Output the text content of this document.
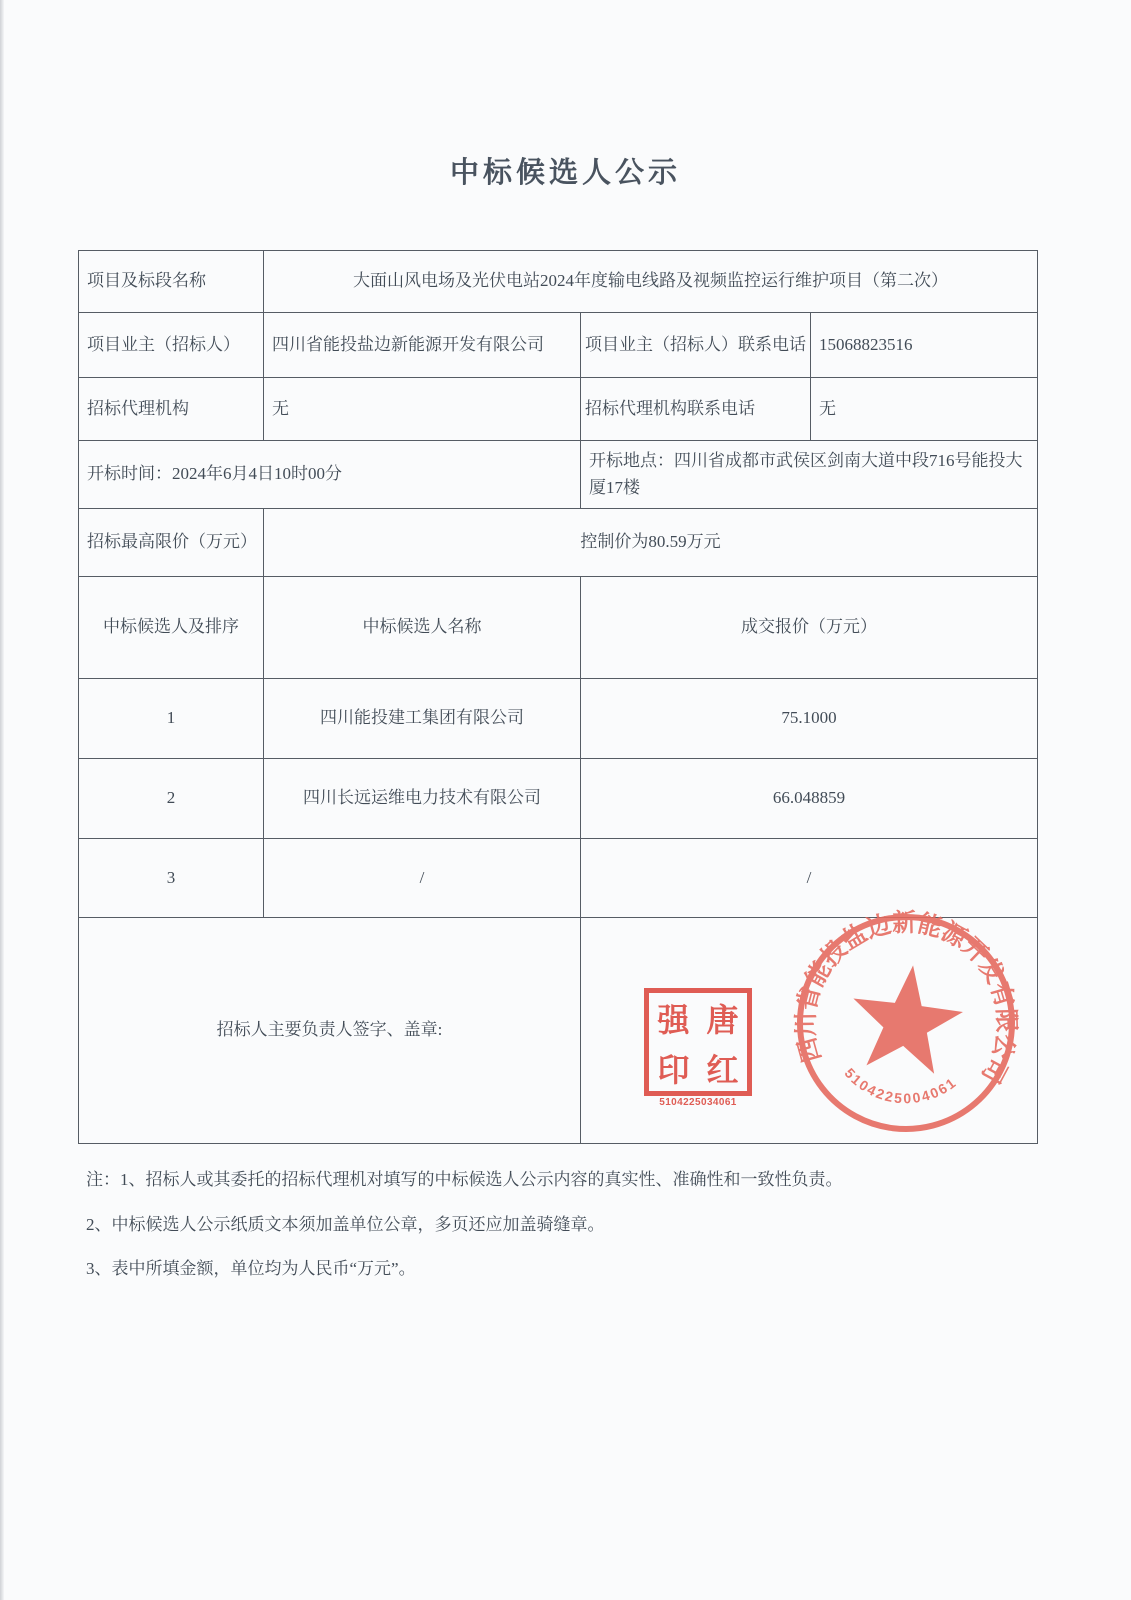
中标候选人公示
项目及标段名称	大面山风电场及光伏电站2024年度输电线路及视频监控运行维护项目（第二次）		
项目业主（招标人）	四川省能投盐边新能源开发有限公司	项目业主（招标人）联系电话	15068823516
招标代理机构	无	招标代理机构联系电话	无
开标时间：2024年6月4日10时00分		开标地点：四川省成都市武侯区剑南大道中段716号能投大厦17楼	
招标最高限价（万元）	控制价为80.59万元		
中标候选人及排序	中标候选人名称	成交报价（万元）	
1	四川能投建工集团有限公司	75.1000	
2	四川长远运维电力技术有限公司	66.048859	
3	/	/	
招标人主要负责人签字、盖章:	强 唐
印 红
5104225034061
四川省能投盐边新能源开发有限公司
5104225004061
注：1、招标人或其委托的招标代理机对填写的中标候选人公示内容的真实性、准确性和一致性负责。
2、中标候选人公示纸质文本须加盖单位公章，多页还应加盖骑缝章。
3、表中所填金额，单位均为人民币“万元”。
